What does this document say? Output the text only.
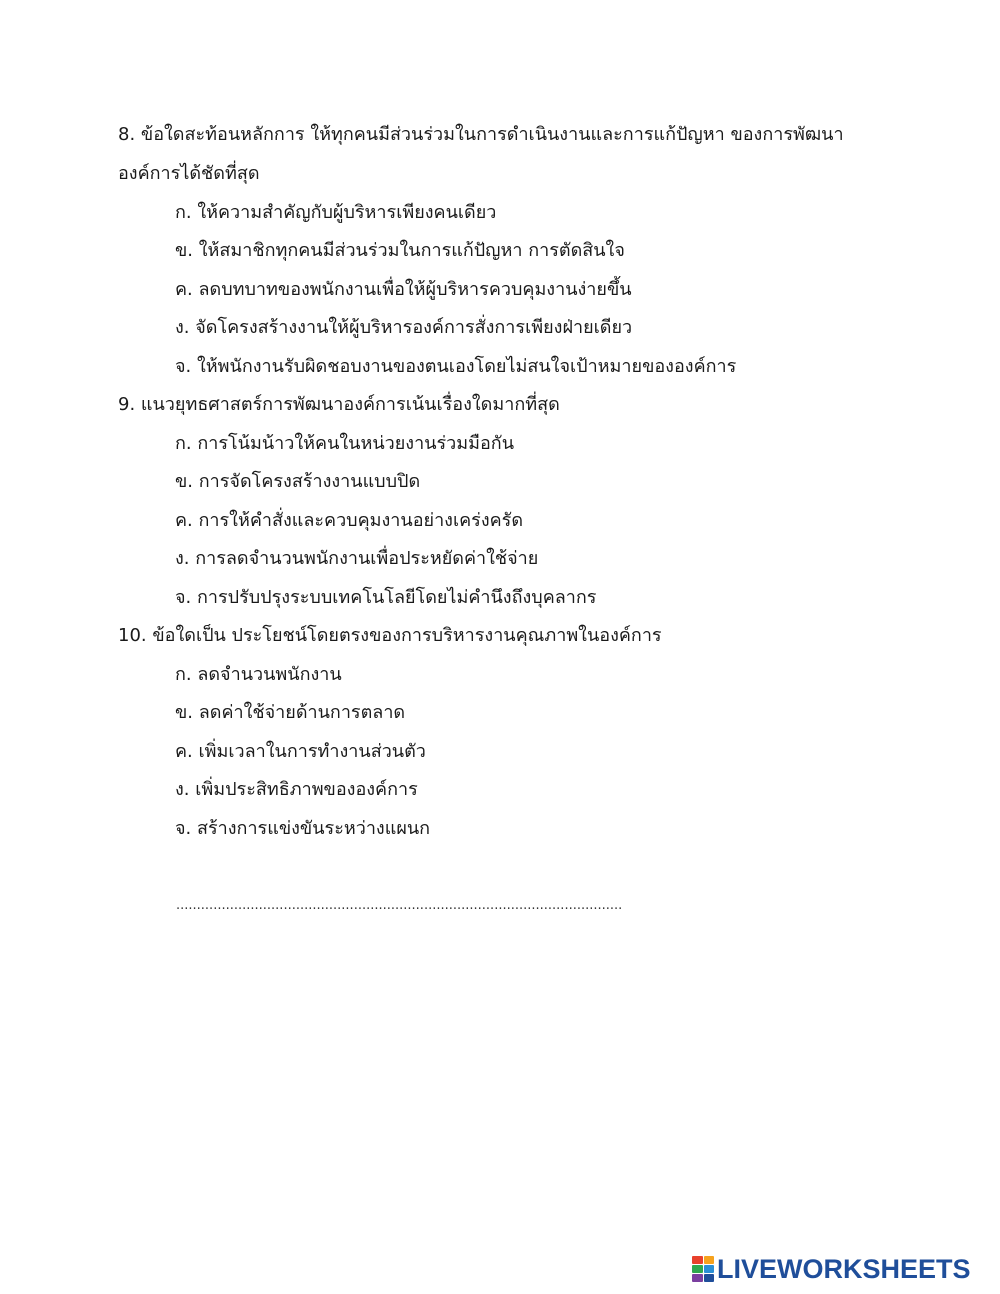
8. ข้อใดสะท้อนหลักการ ให้ทุกคนมีส่วนร่วมในการดำเนินงานและการแก้ปัญหา ของการพัฒนา
องค์การได้ชัดที่สุด
ก. ให้ความสำคัญกับผู้บริหารเพียงคนเดียว
ข. ให้สมาชิกทุกคนมีส่วนร่วมในการแก้ปัญหา การตัดสินใจ
ค. ลดบทบาทของพนักงานเพื่อให้ผู้บริหารควบคุมงานง่ายขึ้น
ง. จัดโครงสร้างงานให้ผู้บริหารองค์การสั่งการเพียงฝ่ายเดียว
จ. ให้พนักงานรับผิดชอบงานของตนเองโดยไม่สนใจเป้าหมายขององค์การ
9. แนวยุทธศาสตร์การพัฒนาองค์การเน้นเรื่องใดมากที่สุด
ก. การโน้มน้าวให้คนในหน่วยงานร่วมมือกัน
ข. การจัดโครงสร้างงานแบบปิด
ค. การให้คำสั่งและควบคุมงานอย่างเคร่งครัด
ง. การลดจำนวนพนักงานเพื่อประหยัดค่าใช้จ่าย
จ. การปรับปรุงระบบเทคโนโลยีโดยไม่คำนึงถึงบุคลากร
10. ข้อใดเป็น ประโยชน์โดยตรงของการบริหารงานคุณภาพในองค์การ
ก. ลดจำนวนพนักงาน
ข. ลดค่าใช้จ่ายด้านการตลาด
ค. เพิ่มเวลาในการทำงานส่วนตัว
ง. เพิ่มประสิทธิภาพขององค์การ
จ. สร้างการแข่งขันระหว่างแผนก
............................................................................................................
LIVEWORKSHEETS
